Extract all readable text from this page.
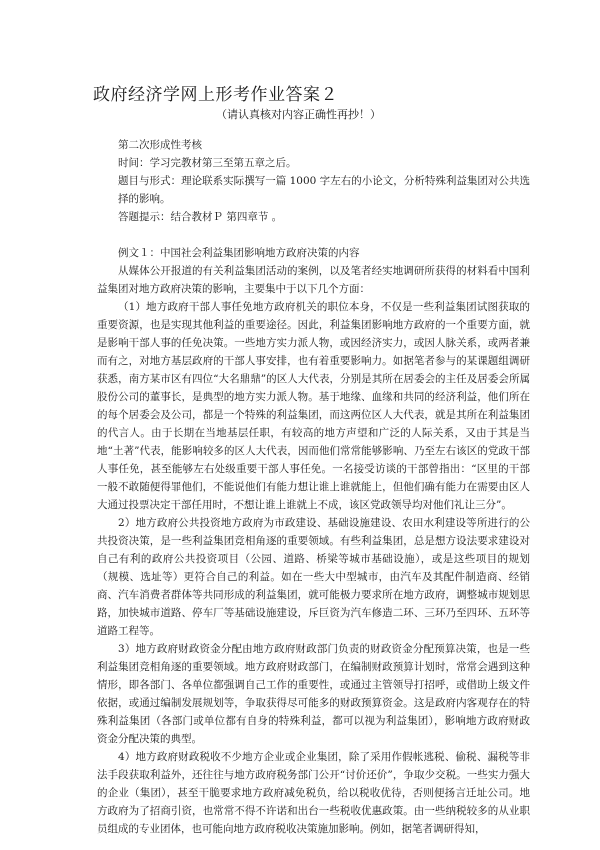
政府经济学网上形考作业答案２
（请认真核对内容正确性再抄！）

第二次形成性考核

时间：学习完教材第三至第五章之后。

题目与形式：理论联系实际撰写一篇 1000 字左右的小论文，分析特殊利益集团对公共选择的影响。

答题提示：结合教材Ｐ 第四章节 。

例文１：中国社会利益集团影响地方政府决策的内容

从媒体公开报道的有关利益集团活动的案例，以及笔者经实地调研所获得的材料看中国利益集团对地方政府决策的影响，主要集中于以下几个方面：

（1）地方政府干部人事任免地方政府机关的职位本身，不仅是一些利益集团试图获取的重要资源，也是实现其他利益的重要途径。因此，利益集团影响地方政府的一个重要方面，就是影响干部人事的任免决策。一些地方实力派人物，或因经济实力，或因人脉关系，或两者兼而有之，对地方基层政府的干部人事安排，也有着重要影响力。如据笔者参与的某课题组调研获悉，南方某市区有四位“大名鼎鼎”的区人大代表，分别是其所在居委会的主任及居委会所属股份公司的董事长，是典型的地方实力派人物。基于地缘、血缘和共同的经济利益，他们所在的每个居委会及公司，都是一个特殊的利益集团，而这两位区人大代表，就是其所在利益集团的代言人。由于长期在当地基层任职，有较高的地方声望和广泛的人际关系，又由于其是当地“土著”代表，能影响较多的区人大代表，因而他们常常能够影响、乃至左右该区的党政干部人事任免，甚至能够左右处级重要干部人事任免。一名接受访谈的干部曾指出：“区里的干部一般不敢随便得罪他们，不能说他们有能力想让谁上谁就能上，但他们确有能力在需要由区人大通过投票决定干部任用时，不想让谁上谁就上不成，该区党政领导均对他们礼让三分”。

2）地方政府公共投资地方政府为市政建设、基础设施建设、农田水利建设等所进行的公共投资决策，是一些利益集团竞相角逐的重要领域。有些利益集团，总是想方设法要求建设对自己有利的政府公共投资项目（公园、道路、桥梁等城市基础设施），或是这些项目的规划（规模、选址等）更符合自己的利益。如在一些大中型城市，由汽车及其配件制造商、经销商、汽车消费者群体等共同形成的利益集团，就可能极力要求所在地方政府，调整城市规划思路，加快城市道路、停车厂等基础设施建设，斥巨资为汽车修造二环、三环乃至四环、五环等道路工程等。

3）地方政府财政资金分配由地方政府财政部门负责的财政资金分配预算决策，也是一些利益集团竞相角逐的重要领域。地方政府财政部门，在编制财政预算计划时，常常会遇到这种情形，即各部门、各单位都强调自己工作的重要性，或通过主管领导打招呼，或借助上级文件依据，或通过编制发展规划等，争取获得尽可能多的财政预算资金。这是政府内客观存在的特殊利益集团（各部门或单位都有自身的特殊利益，都可以视为利益集团），影响地方政府财政资金分配决策的典型。

4）地方政府财政税收不少地方企业或企业集团，除了采用作假帐逃税、偷税、漏税等非法手段获取利益外，还往往与地方政府税务部门公开“讨价还价”，争取少交税。一些实力强大的企业（集团），甚至干脆要求地方政府减免税负，给以税收优待，否则便扬言迁址公司。地方政府为了招商引资，也常常不得不许诺和出台一些税收优惠政策。由一些纳税较多的从业职员组成的专业团体，也可能向地方政府税收决策施加影响。例如，据笔者调研得知，
